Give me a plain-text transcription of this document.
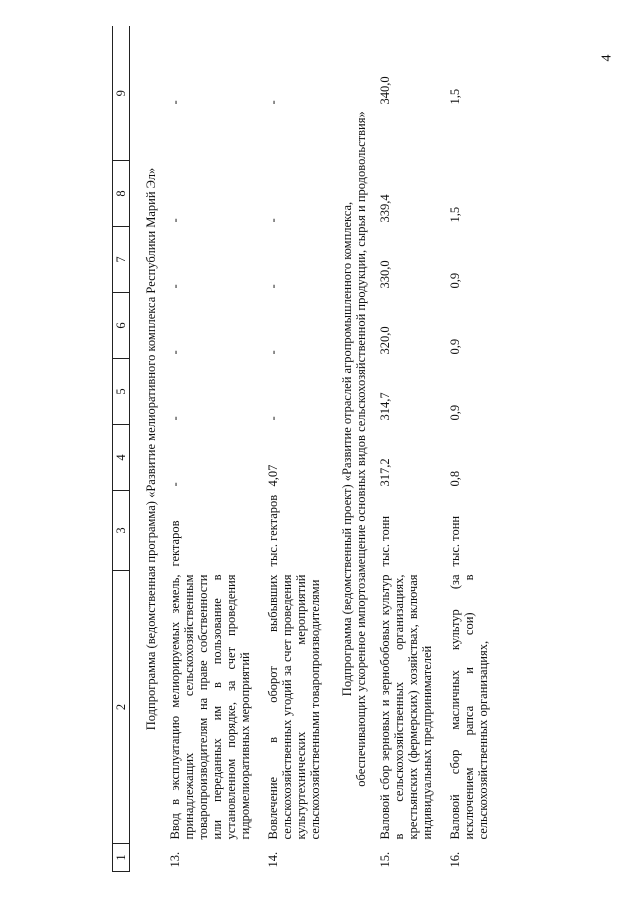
4
1	2	3	4	5	6	7	8	9
Подпрограмма (ведомственная программа) «Развитие мелиоративного комплекса Республики Марий Эл»								
13.	Ввод в эксплуатацию мелиорируемых земель, принадлежащих сельскохозяйственным товаропроизводителям на праве собственности или переданных им в пользование в установленном порядке, за счет проведения гидромелиоративных мероприятий	гектаров	-	-	-	-	-	-
14.	Вовлечение в оборот выбывших сельскохозяйственных угодий за счет проведения культуртехнических мероприятий сельскохозяйственными товаропроизводителями	тыс. гектаров	4,07	-	-	-	-	-

Подпрограмма (ведомственный проект) «Развитие отраслей агропромышленного комплекса, обеспечивающих ускоренное импортозамещение основных видов сельскохозяйственной продукции, сырья и продовольствия»								

15.	Валовой сбор зерновых и зернобобовых культур в сельскохозяйственных организациях, крестьянских (фермерских) хозяйствах, включая индивидуальных предпринимателей	тыс. тонн	317,2	314,7	320,0	330,0	339,4	340,0
16.	Валовой сбор масличных культур (за исключением рапса и сои) в сельскохозяйственных организациях,	тыс. тонн	0,8	0,9	0,9	0,9	1,5	1,5
